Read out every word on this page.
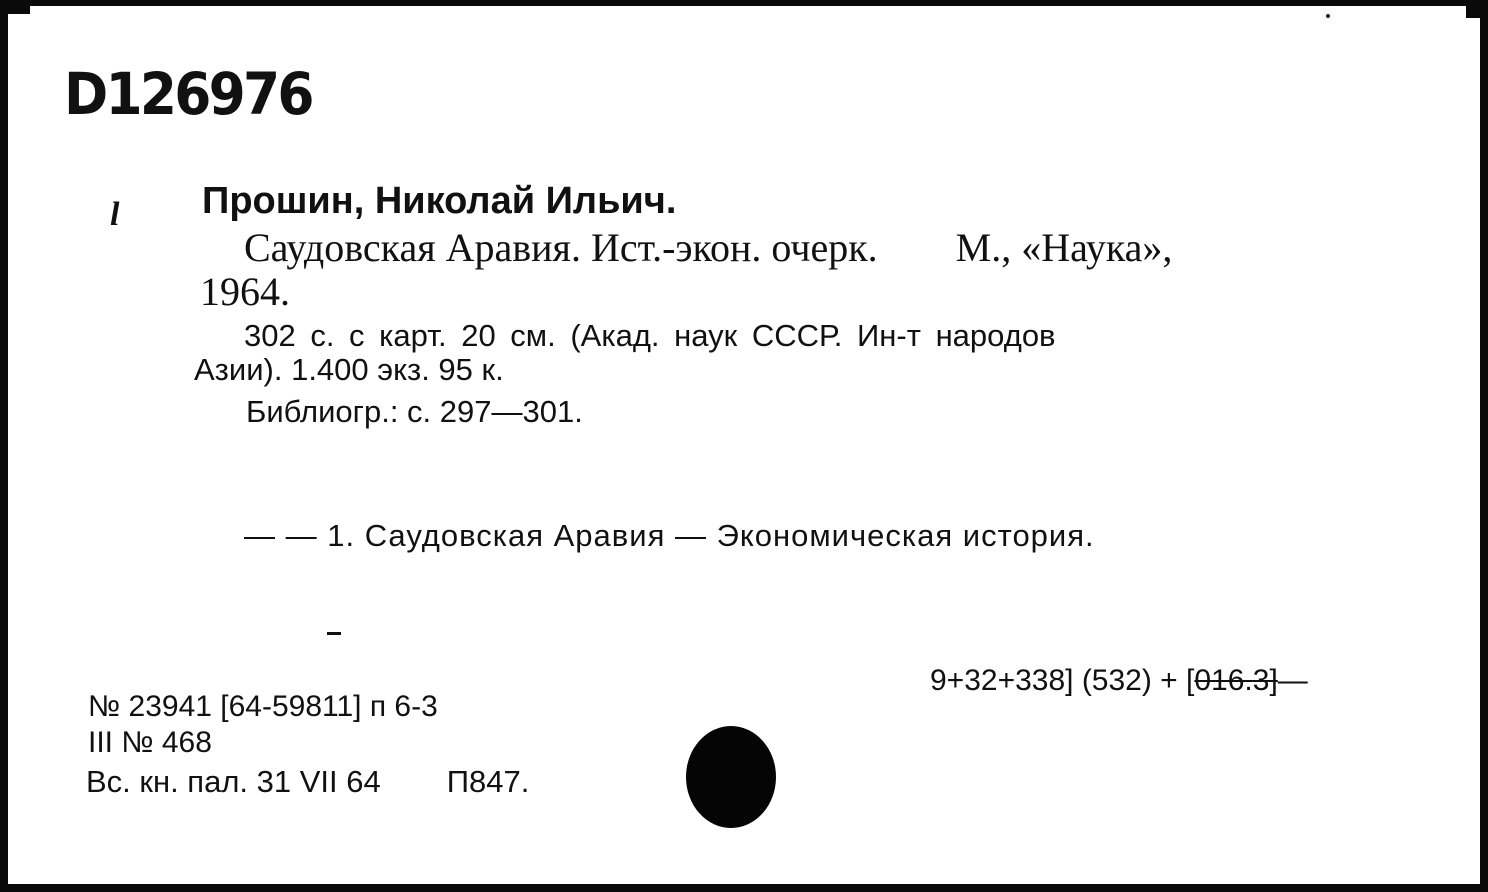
D126976
l Прошин, Николай Ильич.
Саудовская Аравия. Ист.-экон. очерк. М., «Наука»,
1964.
302 с. с карт. 20 см. (Акад. наук СССР. Ин-т народов
Азии). 1.400 экз. 95 к.
Библиогр.: с. 297—301.
— — 1. Саудовская Аравия — Экономическая история.
9+32+338] (532) + [016.3]—
№ 23941 [64-59811] п 6-3
III № 468
Вс. кн. пал. 31 VII 64 П847.
